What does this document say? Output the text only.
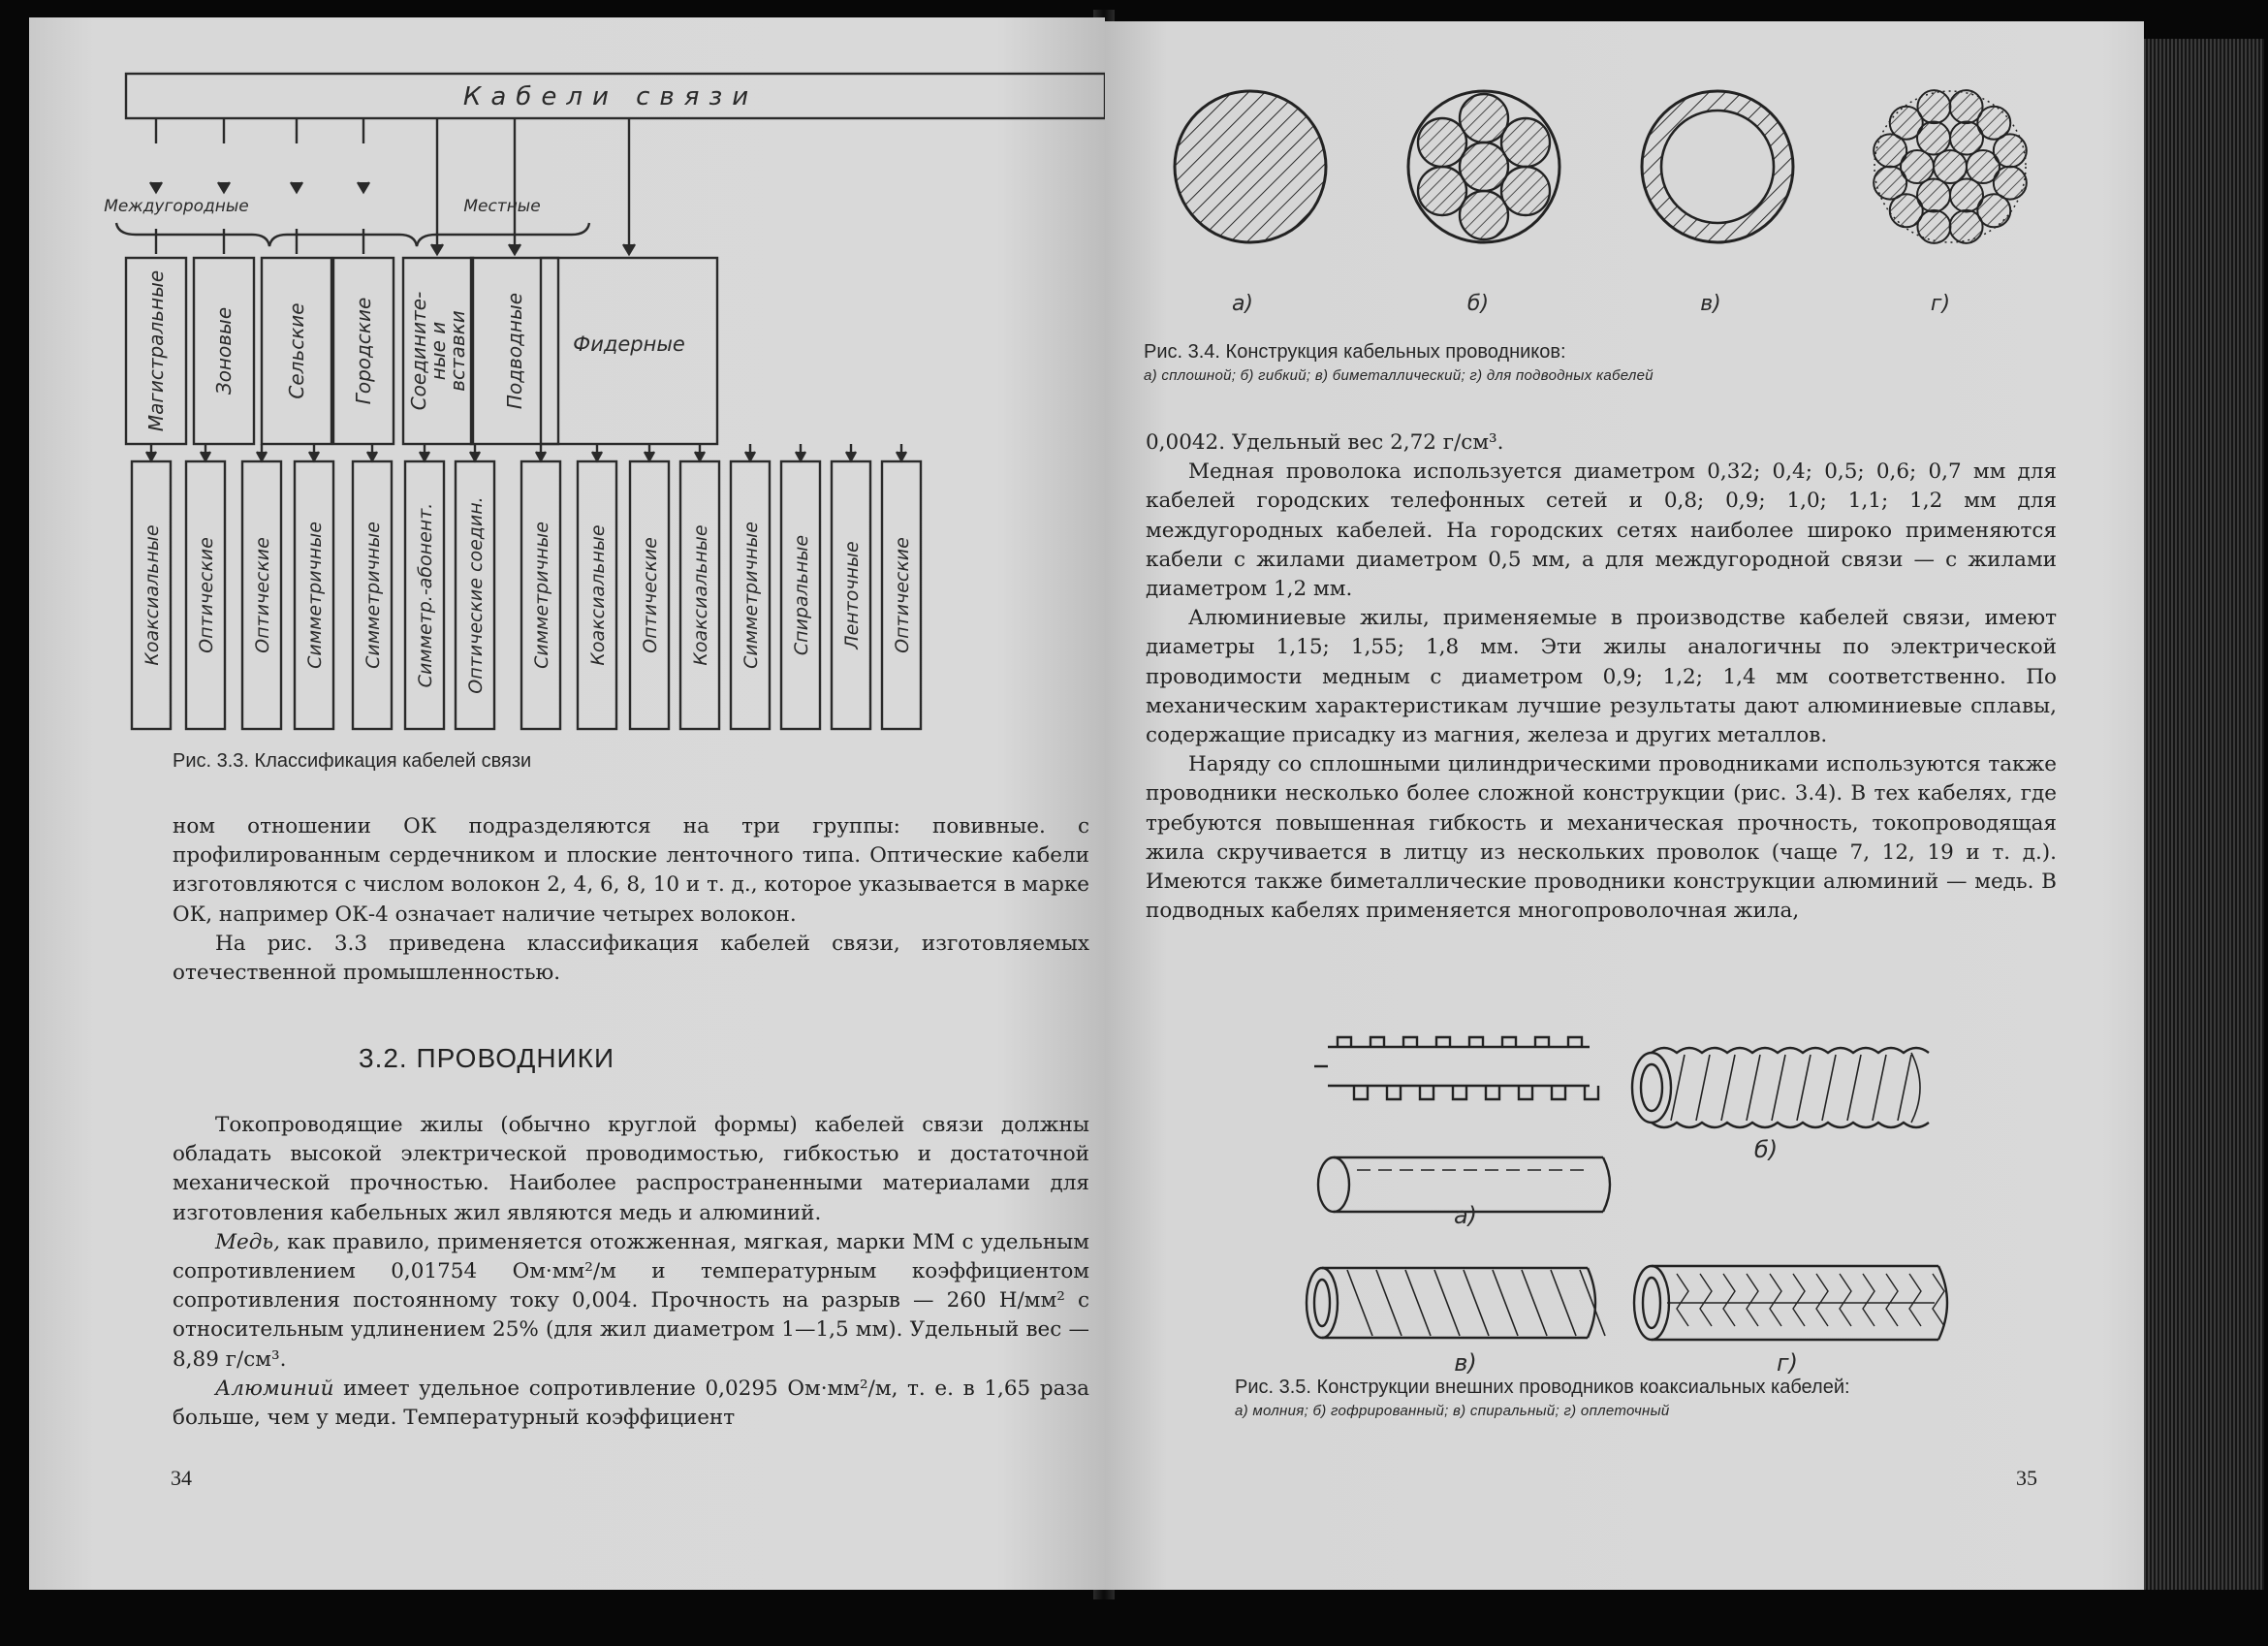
Кабели связи
Междугородные	Местные
Магистральные Зоновые	Сельские Городские Соедините-
ные и
вставки Подводные Фидерные
Коаксиальные Оптические Оптические Симметричные Симметричные Симметр.-абонент. Оптические соедин. Симметричные Коаксиальные Оптические Коаксиальные Симметричные Спиральные Ленточные Оптические
Рис. 3.3. Классификация кабелей связи

ном отношении ОК подразделяются на три группы: повивные. с профилированным сердечником и плоские ленточного типа. Оптические кабели изготовляются с числом волокон 2, 4, 6, 8, 10 и т. д., которое указывается в марке ОК, например ОК-4 означает наличие четырех волокон.

На рис. 3.3 приведена классификация кабелей связи, изготовляемых отечественной промышленностью.

3.2. ПРОВОДНИКИ

Токопроводящие жилы (обычно круглой формы) кабелей связи должны обладать высокой электрической проводимостью, гибкостью и достаточной механической прочностью. Наиболее распространенными материалами для изготовления кабельных жил являются медь и алюминий.

Медь, как правило, применяется отожженная, мягкая, марки ММ с удельным сопротивлением 0,01754 Ом·мм²/м и температурным коэффициентом сопротивления постоянному току 0,004. Прочность на разрыв — 260 Н/мм² с относительным удлинением 25% (для жил диаметром 1—1,5 мм). Удельный вес — 8,89 г/см³.

Алюминий имеет удельное сопротивление 0,0295 Ом·мм²/м, т. е. в 1,65 раза больше, чем у меди. Температурный коэффициент

34
а)	б)	в)	г)
Рис. 3.4. Конструкция кабельных проводников:
а) сплошной; б) гибкий; в) биметаллический; г) для подводных кабелей

0,0042. Удельный вес 2,72 г/см³.

Медная проволока используется диаметром 0,32; 0,4; 0,5; 0,6; 0,7 мм для кабелей городских телефонных сетей и 0,8; 0,9; 1,0; 1,1; 1,2 мм для междугородных кабелей. На городских сетях наиболее широко применяются кабели с жилами диаметром 0,5 мм, а для междугородной связи — с жилами диаметром 1,2 мм.

Алюминиевые жилы, применяемые в производстве кабелей связи, имеют диаметры 1,15; 1,55; 1,8 мм. Эти жилы аналогичны по электрической проводимости медным с диаметром 0,9; 1,2; 1,4 мм соответственно. По механическим характеристикам лучшие результаты дают алюминиевые сплавы, содержащие присадку из магния, железа и других металлов.

Наряду со сплошными цилиндрическими проводниками используются также проводники несколько более сложной конструкции (рис. 3.4). В тех кабелях, где требуются повышенная гибкость и механическая прочность, токопроводящая жила скручивается в литцу из нескольких проволок (чаще 7, 12, 19 и т. д.). Имеются также биметаллические проводники конструкции алюминий — медь. В подводных кабелях применяется многопроволочная жила,

а)
б)
в)	г)
Рис. 3.5. Конструкции внешних проводников коаксиальных кабелей:
а) молния; б) гофрированный; в) спиральный; г) оплеточный
35
